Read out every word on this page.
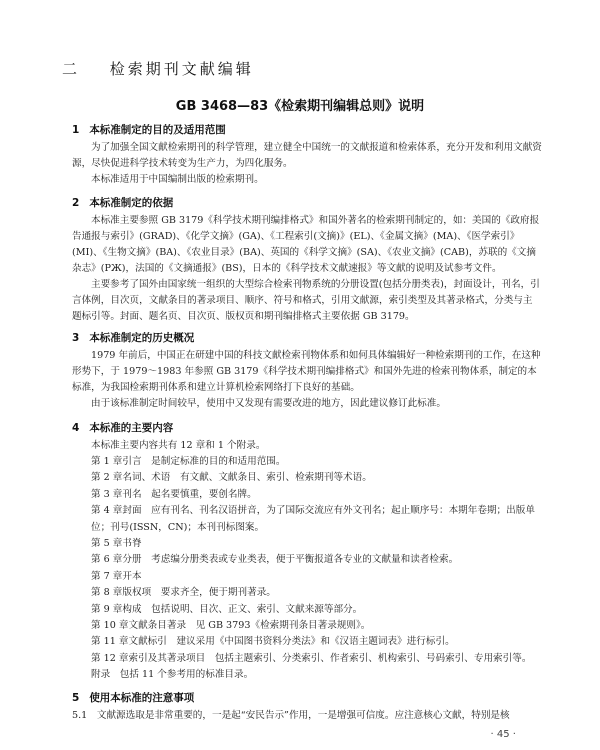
二 检索期刊文献编辑
GB 3468—83《检索期刊编辑总则》说明
1 本标准制定的目的及适用范围

为了加强全国文献检索期刊的科学管理，建立健全中国统一的文献报道和检索体系，充分开发和利用文献资源，尽快促进科学技术转变为生产力，为四化服务。

本标准适用于中国编制出版的检索期刊。

2 本标准制定的依据

本标准主要参照 GB 3179《科学技术期刊编排格式》和国外著名的检索期刊制定的，如：美国的《政府报告通报与索引》(GRAD)、《化学文摘》(GA)、《工程索引(文摘)》(EL)、《金属文摘》(MA)、《医学索引》(MI)、《生物文摘》(BA)、《农业目录》(BA)、英国的《科学文摘》(SA)、《农业文摘》(CAB)，苏联的《文摘杂志》(PЖ)，法国的《文摘通报》(BS)，日本的《科学技术文献速报》等文献的说明及试参考文件。

主要参考了国外由国家统一组织的大型综合检索刊物系统的分册设置(包括分册类表)，封面设计，刊名，引言体例，目次页，文献条目的著录项目、顺序、符号和格式，引用文献源，索引类型及其著录格式，分类与主题标引等。封面、题名页、目次页、版权页和期刊编排格式主要依据 GB 3179。

3 本标准制定的历史概况

1979 年前后，中国正在研建中国的科技文献检索刊物体系和如何具体编辑好一种检索期刊的工作，在这种形势下，于 1979～1983 年参照 GB 3179《科学技术期刊编排格式》和国外先进的检索刊物体系，制定的本标准，为我国检索期刊体系和建立计算机检索网络打下良好的基础。

由于该标准制定时间较早，使用中又发现有需要改进的地方，因此建议修订此标准。

4 本标准的主要内容

本标准主要内容共有 12 章和 1 个附录。

第 1 章引言　是制定标准的目的和适用范围。

第 2 章名词、术语　有文献、文献条目、索引、检索期刊等术语。

第 3 章刊名　起名要慎重，要创名牌。

第 4 章封面　应有刊名、刊名汉语拼音，为了国际交流应有外文刊名；起止顺序号：本期年卷期；出版单位；刊号(ISSN，CN)；本刊刊标图案。

第 5 章书脊

第 6 章分册　考虑编分册类表或专业类表，便于平衡报道各专业的文献量和读者检索。

第 7 章开本

第 8 章版权项　要求齐全，便于期刊著录。

第 9 章构成　包括说明、目次、正文、索引、文献来源等部分。

第 10 章文献条目著录　见 GB 3793《检索期刊条目著录规则》。

第 11 章文献标引　建议采用《中国图书资料分类法》和《汉语主题词表》进行标引。

第 12 章索引及其著录项目　包括主题索引、分类索引、作者索引、机构索引、号码索引、专用索引等。

附录　包括 11 个参考用的标准目录。

5 使用本标准的注意事项

5.1　文献源选取是非常重要的，一是起“安民告示”作用，一是增强可信度。应注意核心文献，特别是核

· 45 ·
